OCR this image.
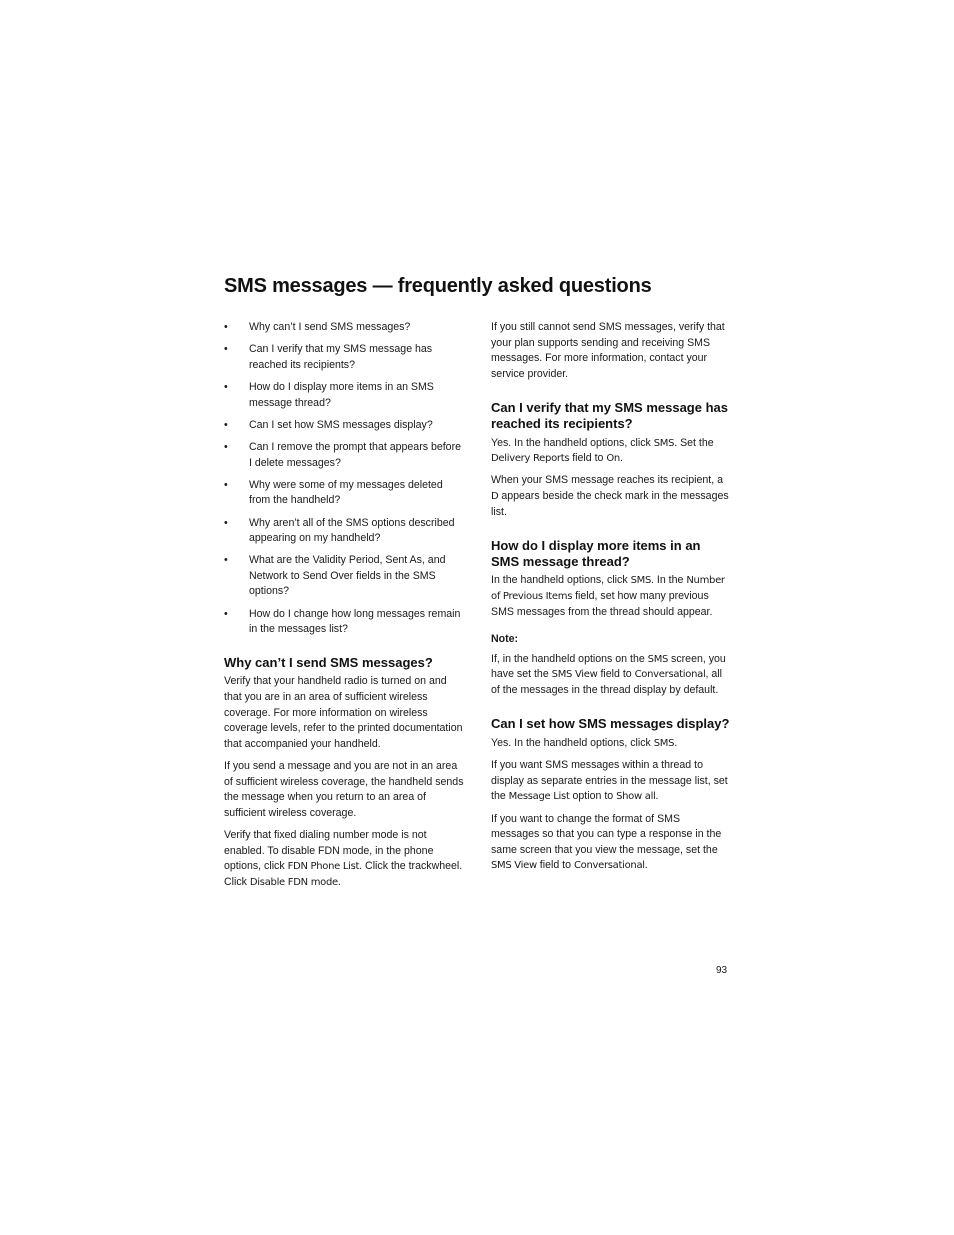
SMS messages — frequently asked questions
• Why can’t I send SMS messages?
• Can I verify that my SMS message has reached its recipients?
• How do I display more items in an SMS message thread?
• Can I set how SMS messages display?
• Can I remove the prompt that appears before I delete messages?
• Why were some of my messages deleted from the handheld?
• Why aren’t all of the SMS options described appearing on my handheld?
• What are the Validity Period, Sent As, and Network to Send Over fields in the SMS options?
• How do I change how long messages remain in the messages list?
Why can’t I send SMS messages?

Verify that your handheld radio is turned on and that you are in an area of sufficient wireless coverage. For more information on wireless coverage levels, refer to the printed documentation that accompanied your handheld.

If you send a message and you are not in an area of sufficient wireless coverage, the handheld sends the message when you return to an area of sufficient wireless coverage.

Verify that fixed dialing number mode is not enabled. To disable FDN mode, in the phone options, click FDN Phone List. Click the trackwheel. Click Disable FDN mode.

If you still cannot send SMS messages, verify that your plan supports sending and receiving SMS messages. For more information, contact your service provider.

Can I verify that my SMS message has reached its recipients?

Yes. In the handheld options, click SMS. Set the Delivery Reports field to On.

When your SMS message reaches its recipient, a D appears beside the check mark in the messages list.

How do I display more items in an SMS message thread?

In the handheld options, click SMS. In the Number of Previous Items field, set how many previous SMS messages from the thread should appear.

Note:

If, in the handheld options on the SMS screen, you have set the SMS View field to Conversational, all of the messages in the thread display by default.

Can I set how SMS messages display?

Yes. In the handheld options, click SMS.

If you want SMS messages within a thread to display as separate entries in the message list, set the Message List option to Show all.

If you want to change the format of SMS messages so that you can type a response in the same screen that you view the message, set the SMS View field to Conversational.

93
